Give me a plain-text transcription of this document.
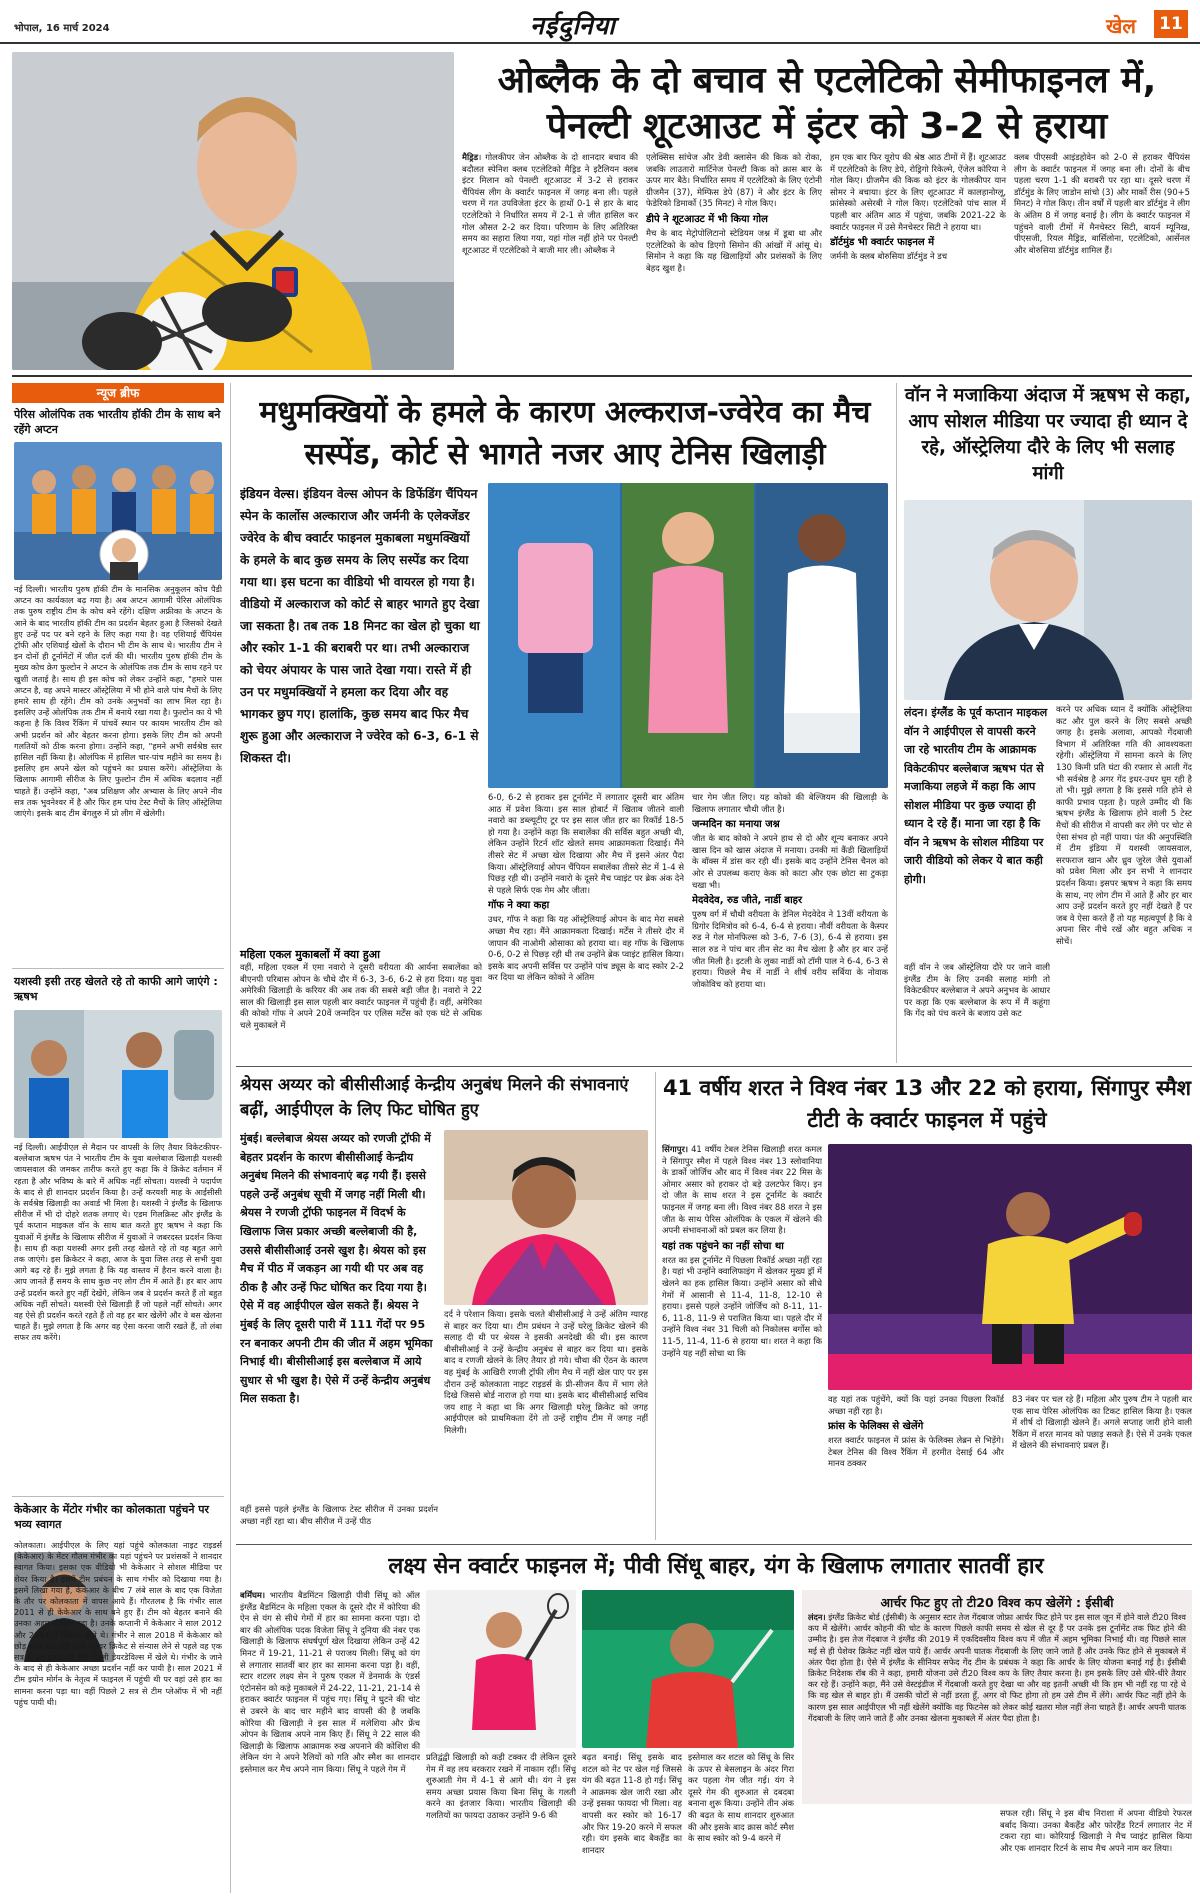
भोपाल, 16 मार्च 2024	नईदुनिया	खेल	11
ओब्लैक के दो बचाव से एटलेटिको सेमीफाइनल में, पेनल्टी शूटआउट में इंटर को 3-2 से हराया
मैड्रिड। गोलकीपर जेन ओब्लैक के दो शानदार बचाव की बदौलत स्पेनिश क्लब एटलेटिको मैड्रिड ने इटैलियन क्लब इंटर मिलान को पेनल्टी शूटआउट में 3-2 से हराकर चैंपियंस लीग के क्वार्टर फाइनल में जगह बना ली। पहले चरण में गत उपविजेता इंटर के हाथों 0-1 से हार के बाद एटलेटिको ने निर्धारित समय में 2-1 से जीत हासिल कर गोल औसत 2-2 कर दिया। परिणाम के लिए अतिरिक्त समय का सहारा लिया गया, यहां गोल नहीं होने पर पेनल्टी शूटआउट में एटलेटिको ने बाजी मार ली। ओब्लैक ने

एलेक्सिस सांचेज और डेवी क्लासेन की किक को रोका, जबकि लाउतारो मार्टिनेज पेनल्टी किक को क्रास बार के ऊपर मार बैठे। निर्धारित समय में एटलेटिको के लिए एंटोनी ग्रीजमैन (37), मेम्फिस डेपे (87) ने और इंटर के लिए फेडेरिको डिमार्को (35 मिनट) ने गोल किए।

डीपे ने शूटआउट में भी किया गोल

मैच के बाद मेट्रोपोलिटानो स्टेडियम जश्न में डूबा था और एटलेटिको के कोच डिएगो सिमोन की आंखों में आंसू थे। सिमोन ने कहा कि यह खिलाड़ियों और प्रशंसकों के लिए बेहद खुश है।

हम एक बार फिर यूरोप की श्रेष्ठ आठ टीमों में हैं। शूटआउट में एटलेटिको के लिए डेपे, रोड्रिगो रिकेल्मे, ऐंजेल कोरिया ने गोल किए। ग्रीजमैन की किक को इंटर के गोलकीपर यान सोमर ने बचाया। इंटर के लिए शूटआउट में कालहानोग्लू, फ्रांसेस्को असेरबी ने गोल किए। एटलेटिको पांच साल में पहली बार अंतिम आठ में पहुंचा, जबकि 2021-22 के क्वार्टर फाइनल में उसे मैनचेस्टर सिटी ने हराया था।

डॉर्टमुंड भी क्वार्टर फाइनल में

जर्मनी के क्लब बोरुसिया डॉर्टमुंड ने डच

क्लब पीएसवी आइंडहोवेन को 2-0 से हराकर चैंपियंस लीग के क्वार्टर फाइनल में जगह बना ली। दोनों के बीच पहला चरण 1-1 की बराबरी पर रहा था। दूसरे चरण में डॉर्टमुंड के लिए जाडोन सांचो (3) और मार्को रीस (90+5 मिनट) ने गोल किए। तीन वर्षों में पहली बार डॉर्टमुंड ने लीग के अंतिम 8 में जगह बनाई है। लीग के क्वार्टर फाइनल में पहुंचने वाली टीमों में मैनचेस्टर सिटी, बायर्न म्यूनिख, पीएसजी, रियल मैड्रिड, बार्सिलोना, एटलेटिको, आर्सेनल और बोरुसिया डॉर्टमुंड शामिल हैं।

न्यूज ब्रीफ
पेरिस ओलंपिक तक भारतीय हॉकी टीम के साथ बने रहेंगे अप्टन
नई दिल्ली। भारतीय पुरुष हॉकी टीम के मानसिक अनुकूलन कोच पैडी अप्टन का कार्यकाल बढ़ गया है। अब अप्टन आगामी पेरिस ओलंपिक तक पुरुष राष्ट्रीय टीम के कोच बने रहेंगे। दक्षिण अफ्रीका के अप्टन के आने के बाद भारतीय हॉकी टीम का प्रदर्शन बेहतर हुआ है जिसको देखते हुए उन्हें पद पर बने रहने के लिए कहा गया है। वह एशियाई चैंपियंस ट्रॉफी और एशियाई खेलों के दौरान भी टीम के साथ थे। भारतीय टीम ने इन दोनों ही टूर्नामेंटों में जीत दर्ज की थी। भारतीय पुरुष हॉकी टीम के मुख्य कोच क्रेग फुल्टोन ने अप्टन के ओलंपिक तक टीम के साथ रहने पर खुशी जताई है। साथ ही इस कोच को लेकर उन्होंने कहा, "हमारे पास अप्टन है, वह अपने मास्टर ऑस्ट्रेलिया में भी होने वाले पांच मैचों के लिए हमारे साथ ही रहेंगे। टीम को उनके अनुभवों का लाभ मिल रहा है। इसलिए उन्हें ओलंपिक तक टीम में बनाये रखा गया है। फुल्टोन का ये भी कहना है कि विश्व रैंकिंग में पांचवें स्थान पर कायम भारतीय टीम को अभी प्रदर्शन को और बेहतर करना होगा। इसके लिए टीम को अपनी गलतियों को ठीक करना होगा। उन्होंने कहा, "हमने अभी सर्वश्रेष्ठ स्तर हासिल नहीं किया है। ओलंपिक में हासिल चार-पांच महीने का समय है। इसलिए हम अपने खेल को पहुंचने का प्रयास करेंगे। ऑस्ट्रेलिया के खिलाफ आगामी सीरीज के लिए फुल्टोन टीम में अधिक बदलाव नहीं चाहते हैं। उन्होंने कहा, "अब प्रशिक्षण और अभ्यास के लिए अपने नीव सत्र तक भुवनेश्वर में है और फिर हम पांच टेस्ट मैचों के लिए ऑस्ट्रेलिया जाएंगे। इसके बाद टीम बेंगलुरु में प्रो लीग में खेलेगी।
यशस्वी इसी तरह खेलते रहे तो काफी आगे जाएंगे : ऋषभ
नई दिल्ली। आईपीएल से मैदान पर वापसी के लिए तैयार विकेटकीपर-बल्लेबाज ऋषभ पंत ने भारतीय टीम के युवा बल्लेबाज खिलाड़ी यशस्वी जायसवाल की जमकर तारीफ करते हुए कहा कि वे क्रिकेट वर्तमान में रहता है और भविष्य के बारे में अधिक नहीं सोचता। यशस्वी ने पदार्पण के बाद से ही शानदार प्रदर्शन किया है। उन्हें करयशी माह के आईसीसी के सर्वश्रेष्ठ खिलाड़ी का अवार्ड भी मिला है। यशस्वी ने इंग्लैंड के खिलाफ सीरीज में भी दो दोहरे शतक लगाए थे। एडम गिलक्रिस्ट और इंग्लैंड के पूर्व कप्तान माइकल वॉन के साथ बात करते हुए ऋषभ ने कहा कि युवाओं में इंग्लैंड के खिलाफ सीरीज में युवाओं ने जबरदस्त प्रदर्शन किया है। साथ ही कहा यशस्वी अगर इसी तरह खेलते रहे तो वह बहुत आगे तक जाएंगे। इस क्रिकेटर ने कहा, आज के युवा जिस तरह से सभी युवा आगे बढ़ रहे हैं। मुझे लगता है कि यह वास्तव में हैरान करने वाला है। आप जानते हैं समय के साथ कुछ नए लोग टीम में आते हैं। हर बार आप उन्हें प्रदर्शन करते हुए नहीं देखेंगे, लेकिन जब वे प्रदर्शन करते हैं तो बहुत अधिक नहीं सोचते। यशस्वी ऐसे खिलाड़ी हैं जो पहले नहीं सोचते। अगर वह ऐसे ही प्रदर्शन करते रहते हैं तो वह हर बार खेलेंगे और वे बस खेलना चाहते हैं। मुझे लगता है कि अगर वह ऐसा करना जारी रखते हैं, तो लंबा सफर तय करेंगे।
केकेआर के मेंटोर गंभीर का कोलकाता पहुंचने पर भव्य स्वागत
कोलकाता। आईपीएल के लिए यहां पहुंचे कोलकाता नाइट राइडर्स (केकेआर) के मेंटर गौतम गंभीर का यहां पहुंचने पर प्रशंसकों ने शानदार स्वागत किया। इसका एक वीडियो भी केकेआर ने सोशल मीडिया पर शेयर किया है। इसमें टीम प्रबंधन के साथ गंभीर को दिखाया गया है। इसमें लिखा गया है, केकेआर के बीच 7 लंबे साल के बाद एक विजेता के तौर पर कोलकाता में वापस आये हैं। गौरतलब है कि गंभीर साल 2011 से ही केकेआर के साथ बने हुए हैं। टीम को बेहतर बनाने की उनका अहम योगदान रहा है। उनके कप्तानी में केकेआर ने साल 2012 और 2014 में खिताब जीते थे। गंभीर ने साल 2018 में केकेआर को छोड़ दिया था। उसी साल पेशेवर क्रिकेट से संन्यास लेने से पहले वह एक सत्र में उस समय की टीम दिल्ली डेयरडेविल्स में खेले थे। गंभीर के जाने के बाद से ही केकेआर अच्छा प्रदर्शन नहीं कर पायी है। साल 2021 में टीम इयोन मोर्गन के नेतृत्व में फाइनल में पहुंची थी पर वहां उसे हार का सामना करना पड़ा था। वहीं पिछले 2 सत्र से टीम प्लेऑफ में भी नहीं पहुंच पायी थी।
मधुमक्खियों के हमले के कारण अल्कराज-ज्वेरेव का मैच सस्पेंड, कोर्ट से भागते नजर आए टेनिस खिलाड़ी
इंडियन वेल्स। इंडियन वेल्स ओपन के डिफेंडिंग चैंपियन स्पेन के कार्लोस अल्काराज और जर्मनी के एलेक्जेंडर ज्वेरेव के बीच क्वार्टर फाइनल मुकाबला मधुमक्खियों के हमले के बाद कुछ समय के लिए सस्पेंड कर दिया गया था। इस घटना का वीडियो भी वायरल हो गया है। वीडियो में अल्काराज को कोर्ट से बाहर भागते हुए देखा जा सकता है। तब तक 18 मिनट का खेल हो चुका था और स्कोर 1-1 की बराबरी पर था। तभी अल्काराज को चेयर अंपायर के पास जाते देखा गया। रास्ते में ही उन पर मधुमक्खियों ने हमला कर दिया और वह भागकर छुप गए। हालांकि, कुछ समय बाद फिर मैच शुरू हुआ और अल्काराज ने ज्वेरेव को 6-3, 6-1 से शिकस्त दी।
महिला एकल मुकाबलों में क्या हुआ
वहीं, महिला एकल में एमा नवारो ने दूसरी वरीयता की आर्यना सबालेंका को बीएनपी परिबास ओपन के चौथे दौर में 6-3, 3-6, 6-2 से हरा दिया। यह युवा अमेरिकी खिलाड़ी के करियर की अब तक की सबसे बड़ी जीत है। नवारो ने 22 साल की खिलाड़ी इस साल पहली बार क्वार्टर फाइनल में पहुंची हैं। वहीं, अमेरिका की कोको गॉफ ने अपने 20वें जन्मदिन पर एलिस मर्टेंस को एक घंटे से अधिक चले मुकाबले में

6-0, 6-2 से हराकर इस टूर्नामेंट में लगातार दूसरी बार अंतिम आठ में प्रवेश किया। इस साल होबार्ट में खिताब जीतने वाली नवारो का डब्ल्यूटीए टूर पर इस साल जीत हार का रिकॉर्ड 18-5 हो गया है। उन्होंने कहा कि सबालेंका की सर्विस बहुत अच्छी थी, लेकिन उन्होंने रिटर्न शॉट खेलते समय आक्रामकता दिखाई। मैंने तीसरे सेट में अच्छा खेल दिखाया और मैच में इसने अंतर पैदा किया। ऑस्ट्रेलियाई ओपन चैंपियन सबालेंका तीसरे सेट में 1-4 से पिछड़ रही थी। उन्होंने नवारो के दूसरे मैच प्वाइंट पर ब्रेक अंक देने से पहले सिर्फ एक गेम और जीता।

गॉफ ने क्या कहा

उधर, गॉफ ने कहा कि यह ऑस्ट्रेलियाई ओपन के बाद मेरा सबसे अच्छा मैच रहा। मैंने आक्रामकता दिखाई। मर्टेंस ने तीसरे दौर में जापान की नाओमी ओसाका को हराया था। वह गॉफ के खिलाफ 0-6, 0-2 से पिछड़ रही थी तब उन्होंने ब्रेक प्वाइंट हासिल किया। इसके बाद अपनी सर्विस पर उन्होंने पांच ड्यूस के बाद स्कोर 2-2 कर दिया था लेकिन कोको ने अंतिम

चार गेम जीत लिए। यह कोको की बेल्जियम की खिलाड़ी के खिलाफ लगातार चौथी जीत है।

जन्मदिन का मनाया जश्न

जीत के बाद कोको ने अपने हाथ से दो और शून्य बनाकर अपने खास दिन को खास अंदाज में मनाया। उनकी मां कैंडी खिलाड़ियों के बॉक्स में डांस कर रही थीं। इसके बाद उन्होंने टेनिस चैनल को ओर से उपलब्ध कराए केक को काटा और एक छोटा सा टुकड़ा चखा भी।

मेदवेदेव, रुड जीते, नार्डी बाहर

पुरुष वर्ग में चौथी वरीयता के डेनिल मेदवेदेव ने 13वीं वरीयता के ग्रिगोर दिमित्रोव को 6-4, 6-4 से हराया। नौवीं वरीयता के कैस्पर रुड ने गेल मोनफिल्स को 3-6, 7-6 (3), 6-4 से हराया। इस साल रुड ने पांच बार तीन सेट का मैच खेला है और हर बार उन्हें जीत मिली है। इटली के लुका नार्डी को टॉमी पाल ने 6-4, 6-3 से हराया। पिछले मैच में नार्डी ने शीर्ष वरीय सर्बिया के नोवाक जोकोविच को हराया था।

वॉन ने मजाकिया अंदाज में ऋषभ से कहा, आप सोशल मीडिया पर ज्यादा ही ध्यान दे रहे, ऑस्ट्रेलिया दौरे के लिए भी सलाह मांगी
लंदन। इंग्लैंड के पूर्व कप्तान माइकल वॉन ने आईपीएल से वापसी करने जा रहे भारतीय टीम के आक्रामक विकेटकीपर बल्लेबाज ऋषभ पंत से मजाकिया लहजे में कहा कि आप सोशल मीडिया पर कुछ ज्यादा ही ध्यान दे रहे हैं। माना जा रहा है कि वॉन ने ऋषभ के सोशल मीडिया पर जारी वीडियो को लेकर ये बात कही होगी।
वहीं वॉन ने जब ऑस्ट्रेलिया दौरे पर जाने वाली इंग्लैंड टीम के लिए उनकी सलाह मांगी तो विकेटकीपर बल्लेबाज ने अपने अनुभव के आधार पर कहा कि एक बल्लेबाज के रूप में मैं कहूंगा कि गेंद को पंच करने के बजाय उसे कट
करने पर अधिक ध्यान दें क्योंकि ऑस्ट्रेलिया कट और पुल करने के लिए सबसे अच्छी जगह है। इसके अलावा, आपको गेंदबाजी विभाग में अतिरिक्त गति की आवश्यकता रहेगी। ऑस्ट्रेलिया में सामना करने के लिए 130 किमी प्रति घंटा की रफ्तार से आती गेंद भी सर्वश्रेष्ठ है अगर गेंद इधर-उधर घूम रही है तो भी। मुझे लगता है कि इससे गति होने से काफी प्रभाव पड़ता है। पहले उम्मीद थी कि ऋषभ इंग्लैंड के खिलाफ होने वाली 5 टेस्ट मैचों की सीरीज में वापसी कर लेंगे पर चोट से ऐसा संभव हो नहीं पाया। पंत की अनुपस्थिति में टीम इंडिया में यशस्वी जायसवाल, सरफराज खान और ध्रुव जुरेल जैसे युवाओं को प्रवेश मिला और इन सभी ने शानदार प्रदर्शन किया। इसपर ऋषभ ने कहा कि समय के साथ, नए लोग टीम में आते हैं और हर बार आप उन्हें प्रदर्शन करते हुए नहीं देखते हैं पर जब वे ऐसा करते हैं तो यह महत्वपूर्ण है कि वे अपना सिर नीचे रखें और बहुत अधिक न सोचें।
श्रेयस अय्यर को बीसीसीआई केन्द्रीय अनुबंध मिलने की संभावनाएं बढ़ीं, आईपीएल के लिए फिट घोषित हुए
मुंबई। बल्लेबाज श्रेयस अय्यर को रणजी ट्रॉफी में बेहतर प्रदर्शन के कारण बीसीसीआई केन्द्रीय अनुबंध मिलने की संभावनाएं बढ़ गयी हैं। इससे पहले उन्हें अनुबंध सूची में जगह नहीं मिली थी। श्रेयस ने रणजी ट्रॉफी फाइनल में विदर्भ के खिलाफ जिस प्रकार अच्छी बल्लेबाजी की है, उससे बीसीसीआई उनसे खुश है। श्रेयस को इस मैच में पीठ में जकड़न आ गयी थी पर अब वह ठीक है और उन्हें फिट घोषित कर दिया गया है। ऐसे में वह आईपीएल खेल सकते हैं। श्रेयस ने मुंबई के लिए दूसरी पारी में 111 गेंदों पर 95 रन बनाकर अपनी टीम की जीत में अहम भूमिका निभाई थी। बीसीसीआई इस बल्लेबाज में आये सुधार से भी खुश है। ऐसे में उन्हें केन्द्रीय अनुबंध मिल सकता है।
वहीं इससे पहले इंग्लैंड के खिलाफ टेस्ट सीरीज में उनका प्रदर्शन अच्छा नहीं रहा था। बीच सीरीज में उन्हें पीठ
दर्द ने परेशान किया। इसके चलते बीसीसीआई ने उन्हें अंतिम ग्यारह से बाहर कर दिया था। टीम प्रबंधन ने उन्हें घरेलू क्रिकेट खेलने की सलाह दी थी पर श्रेयस ने इसकी अनदेखी की थी। इस कारण बीसीसीआई ने उन्हें केन्द्रीय अनुबंध से बाहर कर दिया था। इसके बाद व रणजी खेलने के लिए तैयार हो गये। चौथा की ऐंठन के कारण वह मुंबई के आखिरी रणजी ट्रॉफी लीग मैच में नहीं खेल पाए पर इस दौरान उन्हें कोलकाता नाइट राइडर्स के प्री-सीजन कैंप में भाग लेते दिखे जिससे बोर्ड नाराज हो गया था। इसके बाद बीसीसीआई सचिव जय शाह ने कहा था कि अगर खिलाड़ी घरेलू क्रिकेट को जगह आईपीएल को प्राथमिकता देंगे तो उन्हें राष्ट्रीय टीम में जगह नहीं मिलेगी।
41 वर्षीय शरत ने विश्व नंबर 13 और 22 को हराया, सिंगापुर स्मैश टीटी के क्वार्टर फाइनल में पहुंचे
सिंगापुर। 41 वर्षीय टेबल टेनिस खिलाड़ी शरत कमल ने सिंगापुर स्मैश में पहले विश्व नंबर 13 स्लोवानिया के डार्को जोर्जिच और बाद में विश्व नंबर 22 मिस के ओमार असार को हराकर दो बड़े उलटफेर किए। इन दो जीत के साथ शरत ने इस टूर्नामेंट के क्वार्टर फाइनल में जगह बना ली। विश्व नंबर 88 शरत ने इस जीत के साथ पेरिस ओलंपिक के एकल में खेलने की अपनी संभावनाओं को प्रबल कर लिया है।
यहां तक पहुंचने का नहीं सोचा था

शरत का इस टूर्नामेंट में पिछला रिकॉर्ड अच्छा नहीं रहा है। यहां भी उन्होंने क्वालिफाइंग में खेलकर मुख्य ड्रॉ में खेलने का हक हासिल किया। उन्होंने असार को सीधे गेमों में आसानी से 11-4, 11-8, 12-10 से हराया। इससे पहले उन्होंने जोर्जिच को 8-11, 11-6, 11-8, 11-9 से पराजित किया था। पहले दौर में उन्होंने विश्व नंबर 31 चिली को निकोलस बर्गोस को 11-5, 11-4, 11-6 से हराया था। शरत ने कहा कि उन्होंने यह नहीं सोचा था कि

वह यहां तक पहुंचेंगे, क्यों कि यहां उनका पिछला रिकॉर्ड अच्छा नहीं रहा है।

फ्रांस के फेलिक्स से खेलेंगे

शरत क्वार्टर फाइनल में फ्रांस के फेलिक्स लेब्रन से भिड़ेंगे। टेबल टेनिस की विश्व रैंकिंग में हरमीत देसाई 64 और मानव ठक्कर

83 नंबर पर चल रहे हैं। महिला और पुरुष टीम ने पहली बार एक साथ पेरिस ओलंपिक का टिकट हासिल किया है। एकल में शीर्ष दो खिलाड़ी खेलने हैं। अगले सप्ताह जारी होने वाली रैंकिंग में शरत मानव को पछाड़ सकते हैं। ऐसे में उनके एकल में खेलने की संभावनाएं प्रबल हैं।
लक्ष्य सेन क्वार्टर फाइनल में; पीवी सिंधू बाहर, यंग के खिलाफ लगातार सातवीं हार
बर्मिंघम। भारतीय बैडमिंटन खिलाड़ी पीवी सिंधू को ऑल इंग्लैंड बैडमिंटन के महिला एकल के दूसरे दौर में कोरिया की ऐन से यंग से सीधे गेमों में हार का सामना करना पड़ा। दो बार की ओलंपिक पदक विजेता सिंधू ने दुनिया की नंबर एक खिलाड़ी के खिलाफ संघर्षपूर्ण खेल दिखाया लेकिन उन्हें 42 मिनट में 19-21, 11-21 से पराजय मिली। सिंधू को यंग से लगातार सातवीं बार हार का सामना करना पड़ा है। वहीं, स्टार शटलर लक्ष्य सेन ने पुरुष एकल में डेनमार्क के एंडर्स एंटोनसेन को कड़े मुकाबले में 24-22, 11-21, 21-14 से हराकर क्वार्टर फाइनल में पहुंच गए। सिंधू ने घुटने की चोट से उबरने के बाद चार महीने बाद वापसी की है जबकि कोरिया की खिलाड़ी ने इस साल में मलेशिया और फ्रेंच ओपन के खिताब अपने नाम किए हैं। सिंधू ने 22 साल की खिलाड़ी के खिलाफ आक्रामक रुख अपनाने की कोशिश की लेकिन यंग ने अपने रैलियों को गति और स्मैश का शानदार इस्तेमाल कर मैच अपने नाम किया। सिंधू ने पहले गेम में
प्रतिद्वंद्वी खिलाड़ी को कड़ी टक्कर दी लेकिन दूसरे गेम में वह लय बरकरार रखने में नाकाम रहीं। सिंधू शुरुआती गेम में 4-1 से आगे थी। यंग ने इस समय अच्छा प्रयास किया बिना सिंधू के गलती करने का इंतजार किया। भारतीय खिलाड़ी की गलतियों का फायदा उठाकर उन्होंने 9-6 की
बढ़त बनाई। सिंधू इसके बाद शटल को नेट पर खेल गई जिससे यंग की बढ़त 11-8 हो गई। सिंधू ने आक्रमक खेल जारी रखा और उन्हें इसका फायदा भी मिला। वह वापसी कर स्कोर को 16-17 और फिर 19-20 करने में सफल रही। यंग इसके बाद बैकहैंड का शानदार
इस्तेमाल कर शटल को सिंधू के सिर के ऊपर से बेसलाइन के अंदर गिरा कर पहला गेम जीत गई। यंग ने दूसरे गेम की शुरुआत से दबदबा बनाना शुरू किया। उन्होंने तीन अंक की बढ़त के साथ शानदार शुरुआत की और इसके बाद क्रास कोर्ट स्मैश के साथ स्कोर को 9-4 करने में
आर्चर फिट हुए तो टी20 विश्व कप खेलेंगे : ईसीबी
लंदन। इंग्लैंड क्रिकेट बोर्ड (ईसीबी) के अनुसार स्टार तेज गेंदबाज जोफ्रा आर्चर फिट होने पर इस साल जून में होने वाले टी20 विश्व कप में खेलेंगे। आर्चर कोहनी की चोट के कारण पिछले काफी समय से खेल से दूर हैं पर उनके इस टूर्नामेंट तक फिट होने की उम्मीद है। इस तेज गेंदबाज ने इंग्लैंड की 2019 में एकदिवसीय विश्व कप में जीत में अहम भूमिका निभाई थी। वह पिछले साल मई से ही पेशेवर क्रिकेट नहीं खेल पाये हैं। आर्चर अपनी घातक गेंदबाजी के लिए जाने जाते हैं और उनके फिट होने से मुकाबले में अंतर पैदा होता है। ऐसे में इंग्लैंड के सीनियर सफेद गेंद टीम के प्रबंधक ने कहा कि आर्चर के लिए योजना बनाई गई है। ईसीबी क्रिकेट निदेशक रॉब की ने कहा, हमारी योजना उसे टी20 विश्व कप के लिए तैयार करना है। हम इसके लिए उसे धीरे-धीरे तैयार कर रहे हैं। उन्होंने कहा, मैंने उसे वेस्टइंडीज में गेंदबाजी करते हुए देखा था और वह इतनी अच्छी थी कि हम भी नहीं रह पा रहे थे कि वह खेल से बाहर हो। मैं उसकी चोटों से नहीं डरता हूँ, अगर वो फिट होगा तो हम उसे टीम में लेंगे। आर्चर फिट नहीं होने के कारण इस साल आईपीएल भी नहीं खेलेंगे क्योंकि वह फिटनेस को लेकर कोई खतरा मोल नहीं लेना चाहते हैं। आर्चर अपनी घातक गेंदबाजी के लिए जाने जाते हैं और उनका खेलना मुकाबले में अंतर पैदा होता है।
सफल रही। सिंधू ने इस बीच निराशा में अपना वीडियो रेफरल बर्बाद किया। उनका बैकहैंड और फोरहैंड रिटर्न लगातार नेट में टकरा रहा था। कोरियाई खिलाड़ी ने मैच प्वाइंट हासिल किया और एक शानदार रिटर्न के साथ मैच अपने नाम कर लिया।
